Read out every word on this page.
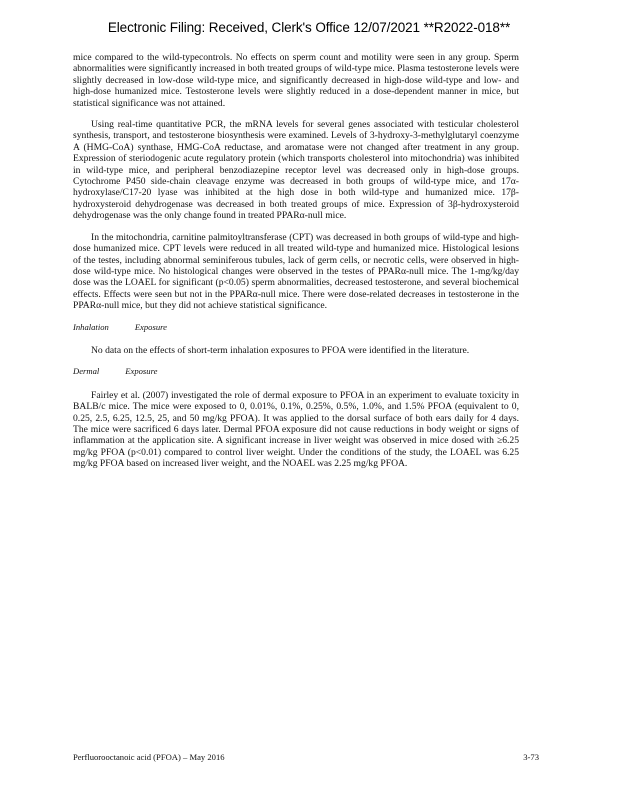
Electronic Filing: Received, Clerk's Office 12/07/2021 **R2022-018**

mice compared to the wild-typecontrols. No effects on sperm count and motility were seen in any group. Sperm abnormalities were significantly increased in both treated groups of wild-type mice. Plasma testosterone levels were slightly decreased in low-dose wild-type mice, and significantly decreased in high-dose wild-type and low- and high-dose humanized mice. Testosterone levels were slightly reduced in a dose-dependent manner in mice, but statistical significance was not attained.

Using real-time quantitative PCR, the mRNA levels for several genes associated with testicular cholesterol synthesis, transport, and testosterone biosynthesis were examined. Levels of 3-hydroxy-3-methylglutaryl coenzyme A (HMG-CoA) synthase, HMG-CoA reductase, and aromatase were not changed after treatment in any group. Expression of steriodogenic acute regulatory protein (which transports cholesterol into mitochondria) was inhibited in wild-type mice, and peripheral benzodiazepine receptor level was decreased only in high-dose groups. Cytochrome P450 side-chain cleavage enzyme was decreased in both groups of wild-type mice, and 17α-hydroxylase/C17-20 lyase was inhibited at the high dose in both wild-type and humanized mice. 17β-hydroxysteroid dehydrogenase was decreased in both treated groups of mice. Expression of 3β-hydroxysteroid dehydrogenase was the only change found in treated PPARα-null mice.

In the mitochondria, carnitine palmitoyltransferase (CPT) was decreased in both groups of wild-type and high-dose humanized mice. CPT levels were reduced in all treated wild-type and humanized mice. Histological lesions of the testes, including abnormal seminiferous tubules, lack of germ cells, or necrotic cells, were observed in high-dose wild-type mice. No histological changes were observed in the testes of PPARα-null mice. The 1-mg/kg/day dose was the LOAEL for significant (p<0.05) sperm abnormalities, decreased testosterone, and several biochemical effects. Effects were seen but not in the PPARα-null mice. There were dose-related decreases in testosterone in the PPARα-null mice, but they did not achieve statistical significance.

Inhalation	Exposure

No data on the effects of short-term inhalation exposures to PFOA were identified in the literature.

Dermal	Exposure

Fairley et al. (2007) investigated the role of dermal exposure to PFOA in an experiment to evaluate toxicity in BALB/c mice. The mice were exposed to 0, 0.01%, 0.1%, 0.25%, 0.5%, 1.0%, and 1.5% PFOA (equivalent to 0, 0.25, 2.5, 6.25, 12.5, 25, and 50 mg/kg PFOA). It was applied to the dorsal surface of both ears daily for 4 days. The mice were sacrificed 6 days later. Dermal PFOA exposure did not cause reductions in body weight or signs of inflammation at the application site. A significant increase in liver weight was observed in mice dosed with ≥6.25 mg/kg PFOA (p<0.01) compared to control liver weight. Under the conditions of the study, the LOAEL was 6.25 mg/kg PFOA based on increased liver weight, and the NOAEL was 2.25 mg/kg PFOA.

Perfluorooctanoic acid (PFOA) – May 2016	3-73
